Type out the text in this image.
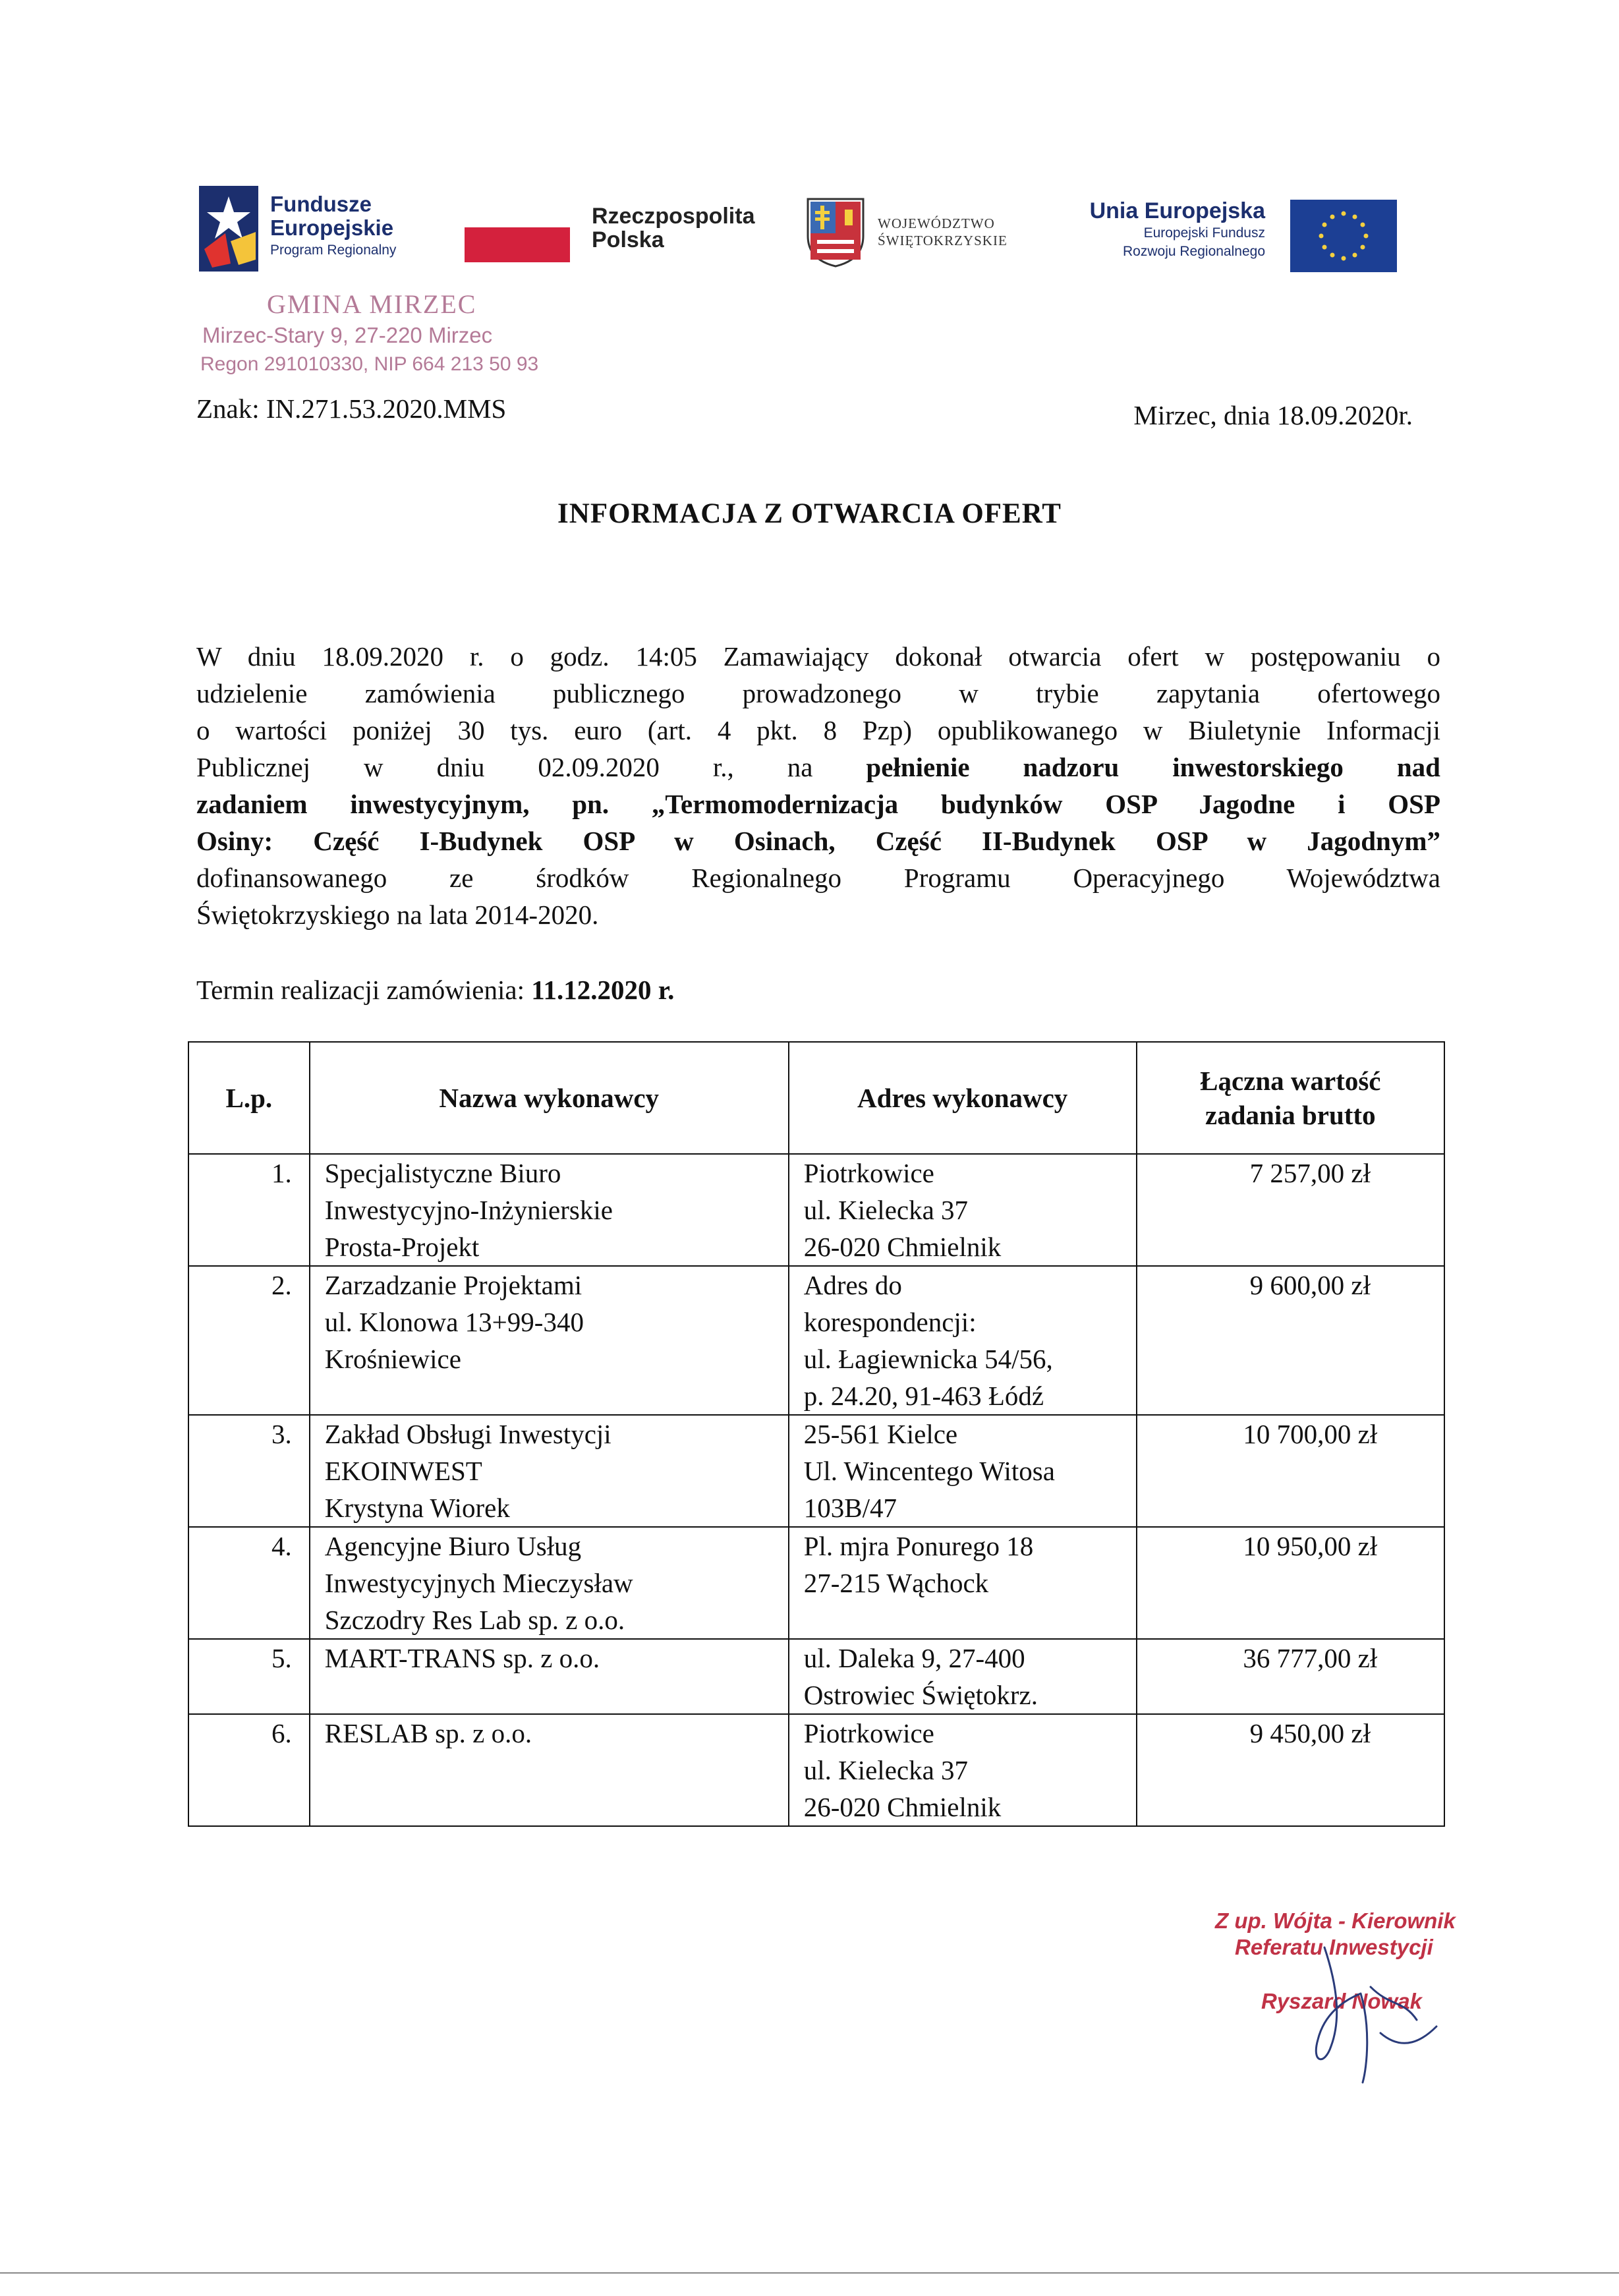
Fundusze
Europejskie
Program Regionalny
Rzeczpospolita
Polska
WOJEWÓDZTWO
ŚWIĘTOKRZYSKIE
Unia Europejska
Europejski Fundusz
Rozwoju Regionalnego
GMINA MIRZEC
Mirzec-Stary 9, 27-220 Mirzec
Regon 291010330, NIP 664 213 50 93
Znak: IN.271.53.2020.MMS	Mirzec, dnia 18.09.2020r.
INFORMACJA Z OTWARCIA OFERT
W dniu 18.09.2020 r. o godz. 14:05 Zamawiający dokonał otwarcia ofert w postępowaniu o
udzielenie zamówienia publicznego prowadzonego w trybie zapytania ofertowego
o wartości poniżej 30 tys. euro (art. 4 pkt. 8 Pzp) opublikowanego w Biuletynie Informacji
Publicznej w dniu 02.09.2020 r., na pełnienie nadzoru inwestorskiego nad
zadaniem inwestycyjnym, pn. „Termomodernizacja budynków OSP Jagodne i OSP
Osiny: Część I-Budynek OSP w Osinach, Część II-Budynek OSP w Jagodnym”
dofinansowanego ze środków Regionalnego Programu Operacyjnego Województwa
Świętokrzyskiego na lata 2014-2020.
Termin realizacji zamówienia: 11.12.2020 r.
L.p.	Nazwa wykonawcy	Adres wykonawcy	Łączna wartość
zadania brutto

1.	Specjalistyczne Biuro
Inwestycyjno-Inżynierskie
Prosta-Projekt	Piotrkowice
ul. Kielecka 37
26-020 Chmielnik	7 257,00 zł
2.	Zarzadzanie Projektami
ul. Klonowa 13+99-340
Krośniewice	Adres do
korespondencji:
ul. Łagiewnicka 54/56,
p. 24.20, 91-463 Łódź	9 600,00 zł
3.	Zakład Obsługi Inwestycji
EKOINWEST
Krystyna Wiorek	25-561 Kielce
Ul. Wincentego Witosa
103B/47	10 700,00 zł
4.	Agencyjne Biuro Usług
Inwestycyjnych Mieczysław
Szczodry Res Lab sp. z o.o.	Pl. mjra Ponurego 18
27-215 Wąchock	10 950,00 zł
5.	MART-TRANS sp. z o.o.	ul. Daleka 9, 27-400
Ostrowiec Świętokrz.	36 777,00 zł
6.	RESLAB sp. z o.o.	Piotrkowice
ul. Kielecka 37
26-020 Chmielnik	9 450,00 zł
Z up. Wójta - Kierownik
Referatu Inwestycji
Ryszard Nowak
